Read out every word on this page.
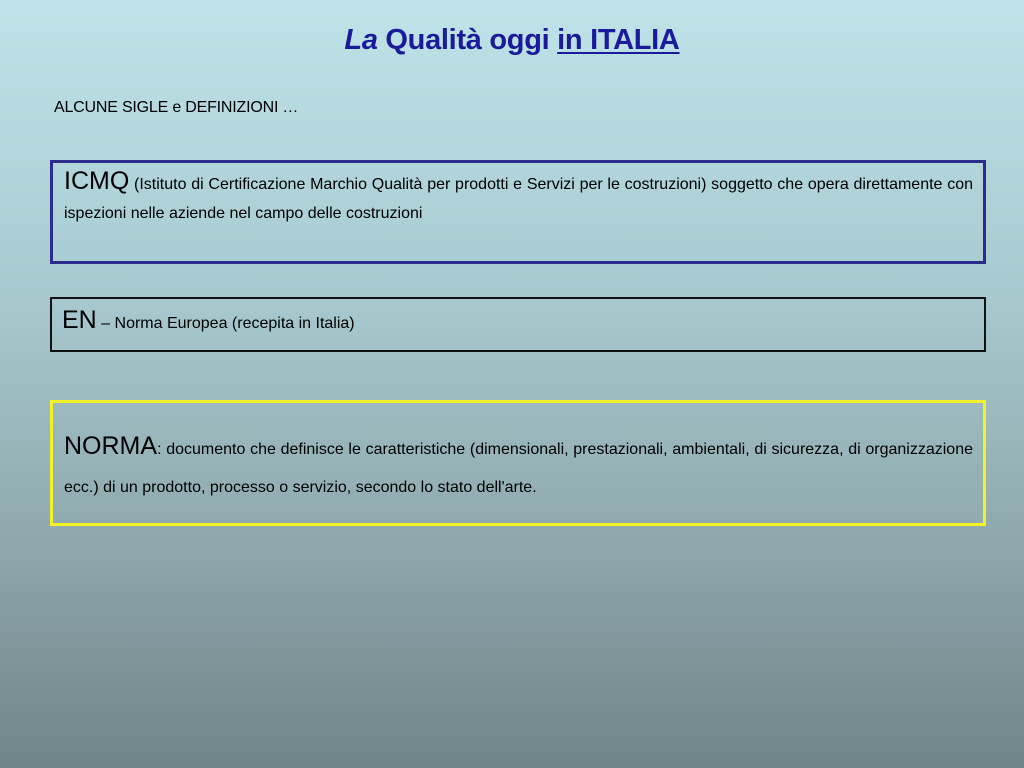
La Qualità oggi in ITALIA
ALCUNE SIGLE e DEFINIZIONI …
ICMQ (Istituto di Certificazione Marchio Qualità per prodotti e Servizi per le costruzioni) soggetto che opera direttamente con ispezioni nelle aziende nel campo delle costruzioni
EN – Norma Europea (recepita in Italia)
NORMA: documento che definisce le caratteristiche (dimensionali, prestazionali, ambientali, di sicurezza, di organizzazione ecc.) di un prodotto, processo o servizio, secondo lo stato dell'arte.
